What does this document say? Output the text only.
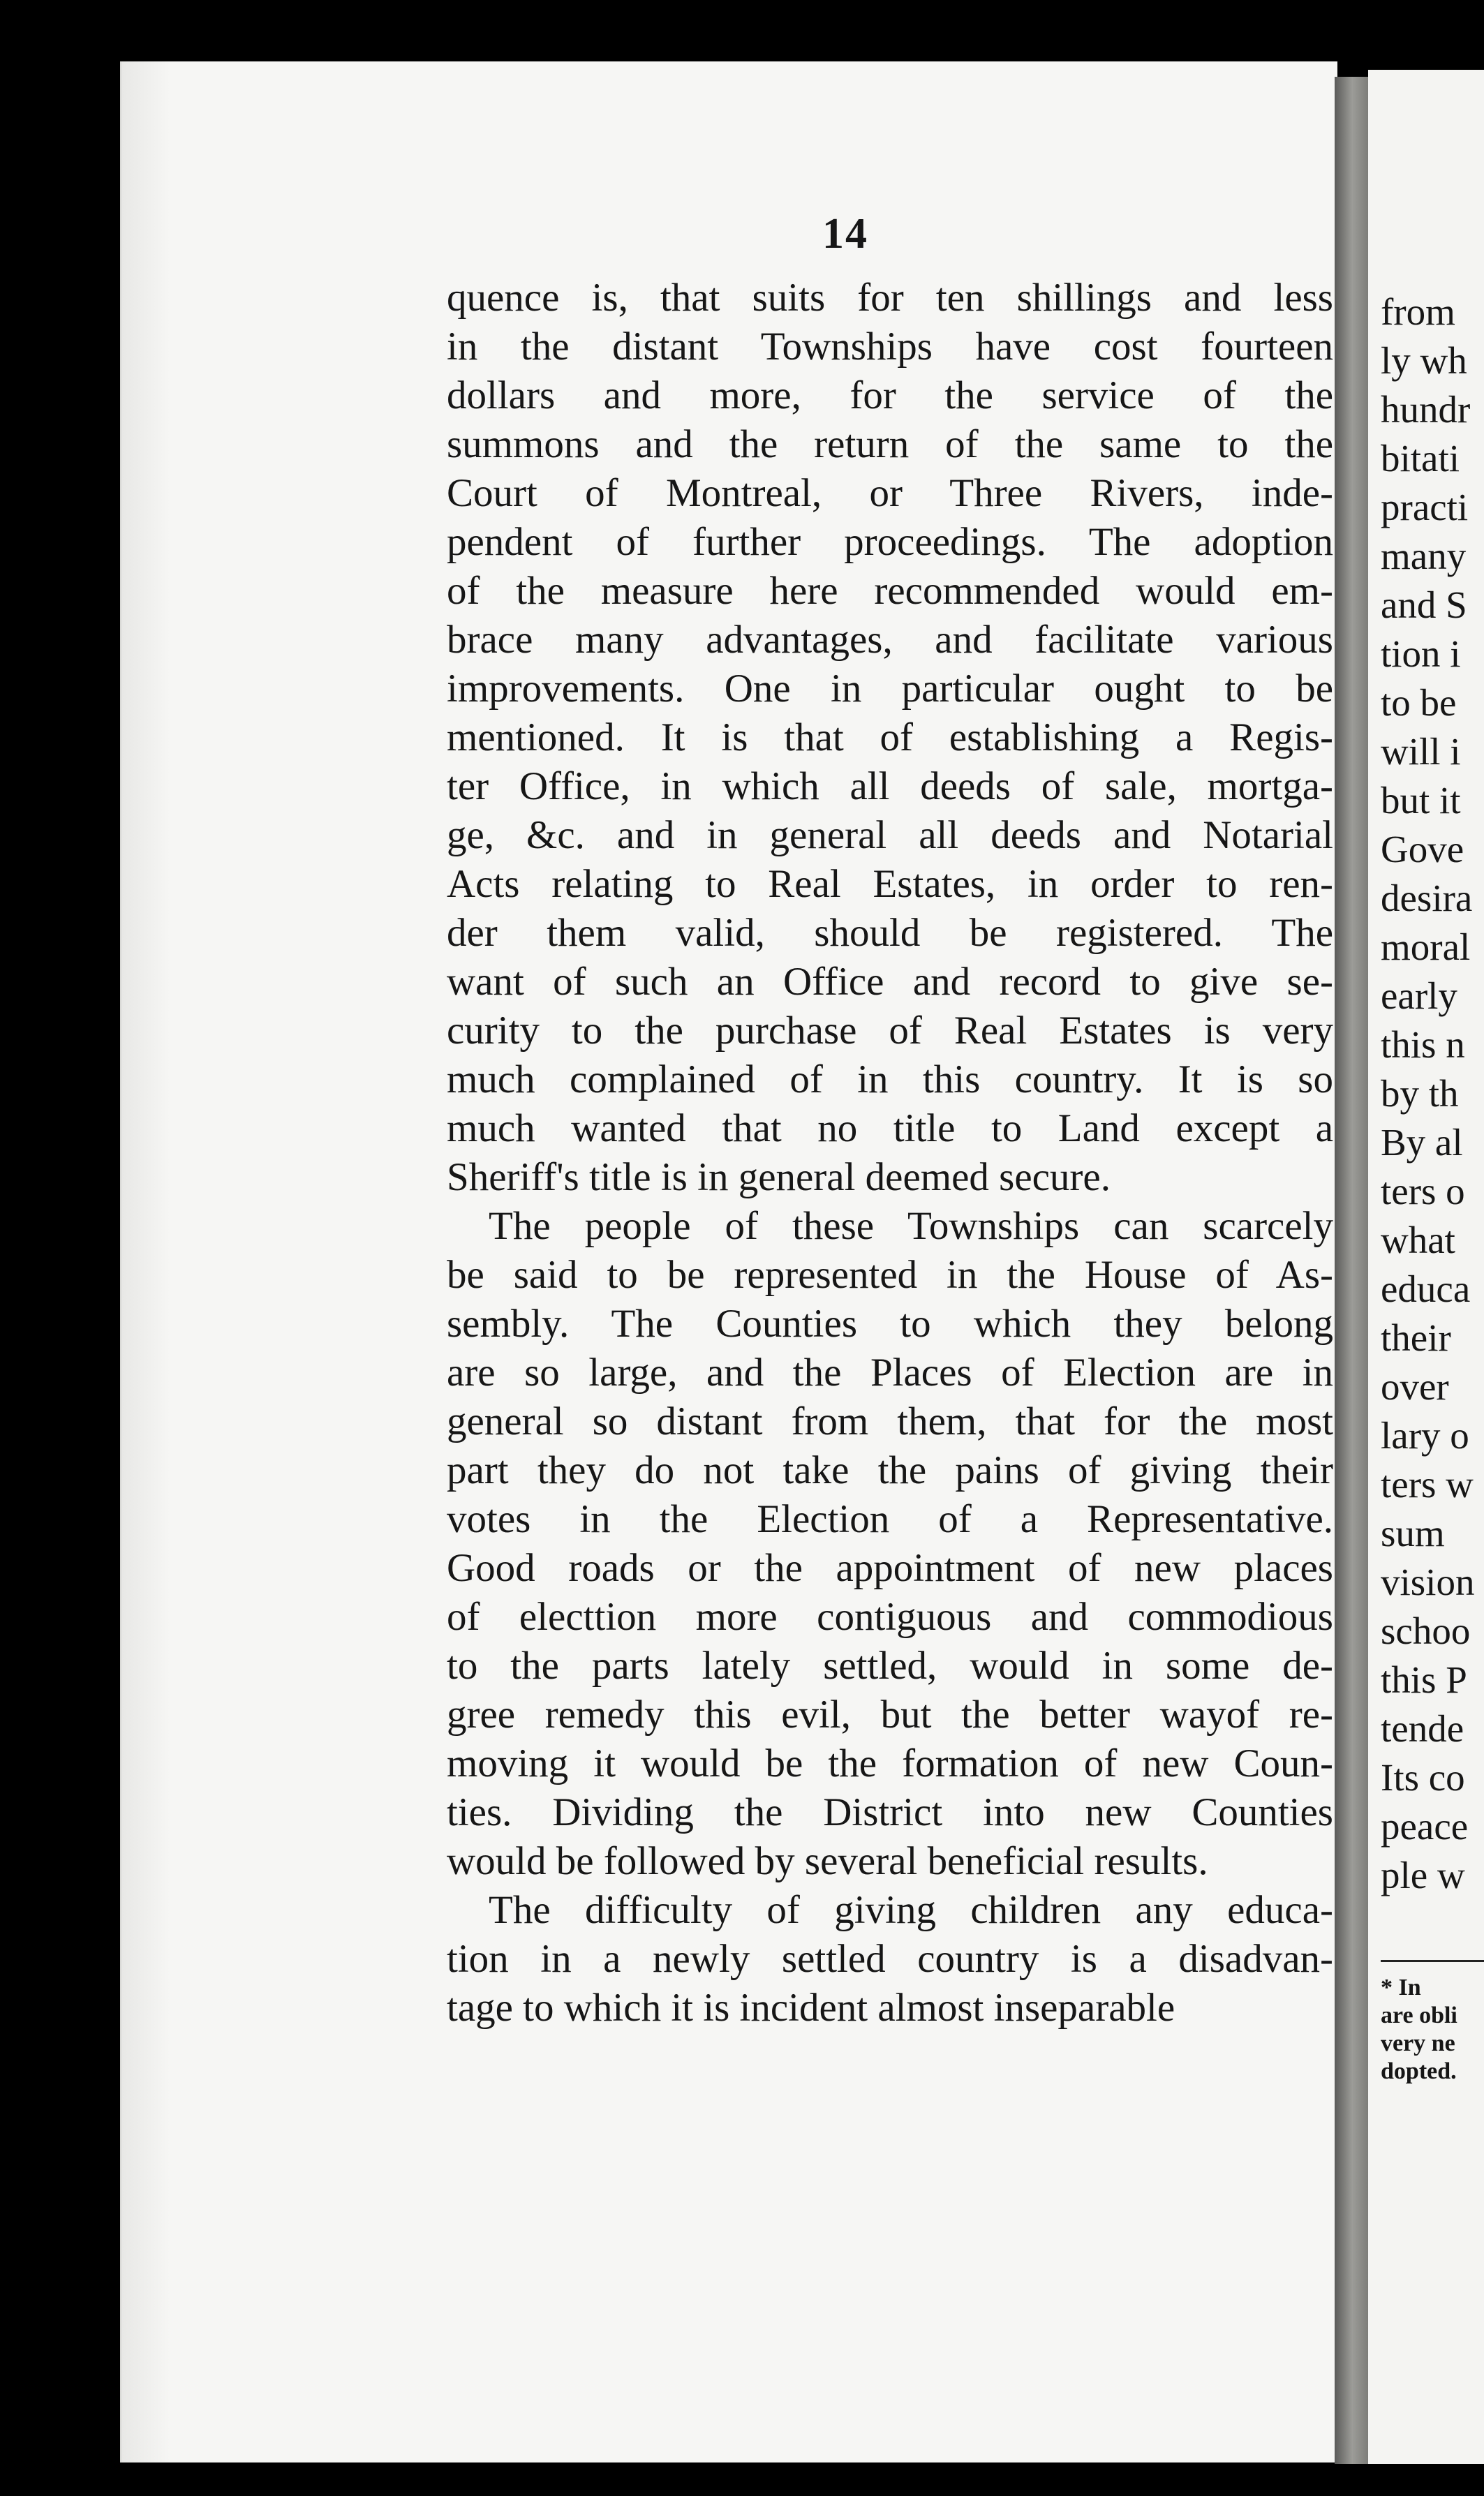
14
quence is, that suits for ten shillings and less
in the distant Townships have cost fourteen
dollars and more, for the service of the
summons and the return of the same to the
Court of Montreal, or Three Rivers, inde-
pendent of further proceedings. The adoption
of the measure here recommended would em-
brace many advantages, and facilitate various
improvements. One in particular ought to be
mentioned. It is that of establishing a Regis-
ter Office, in which all deeds of sale, mortga-
ge, &c. and in general all deeds and Notarial
Acts relating to Real Estates, in order to ren-
der them valid, should be registered. The
want of such an Office and record to give se-
curity to the purchase of Real Estates is very
much complained of in this country. It is so
much wanted that no title to Land except a
Sheriff's title is in general deemed secure.
The people of these Townships can scarcely
be said to be represented in the House of As-
sembly. The Counties to which they belong
are so large, and the Places of Election are in
general so distant from them, that for the most
part they do not take the pains of giving their
votes in the Election of a Representative.
Good roads or the appointment of new places
of electtion more contiguous and commodious
to the parts lately settled, would in some de-
gree remedy this evil, but the better wayof re-
moving it would be the formation of new Coun-
ties. Dividing the District into new Counties
would be followed by several beneficial results.
The difficulty of giving children any educa-
tion in a newly settled country is a disadvan-
tage to which it is incident almost inseparable
from
ly wh
hundr
bitati
practi
many
and S
tion i
to be
will i
but it
Gove
desira
moral
early
this n
by th
By al
ters o
what
educa
their
over
lary o
ters w
sum
vision
schoo
this P
tende
Its co
peace
ple w
* In
are obli
very ne
dopted.
